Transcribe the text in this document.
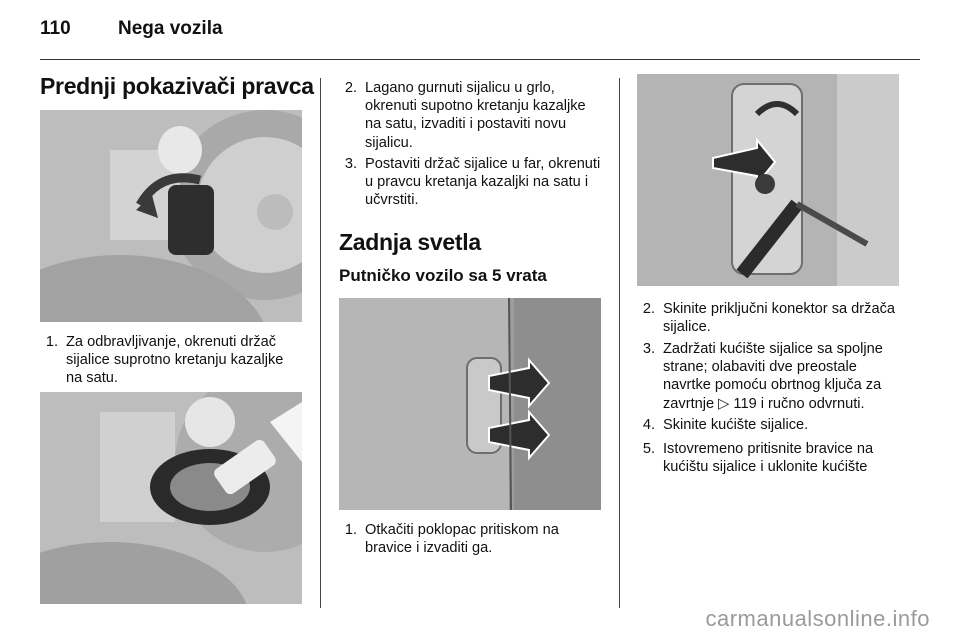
110 Nega vozila
Prednji pokazivači pravca
1. Za odbravljivanje, okrenuti držač sijalice suprotno kretanju kazaljke na satu.
2. Lagano gurnuti sijalicu u grlo, okrenuti supotno kretanju kazaljke na satu, izvaditi i postaviti novu sijalicu.
3. Postaviti držač sijalice u far, okrenuti u pravcu kretanja kazaljki na satu i učvrstiti.
Zadnja svetla
Putničko vozilo sa 5 vrata
1. Otkačiti poklopac pritiskom na bravice i izvaditi ga.
2. Skinite priključni konektor sa držača sijalice.
3. Zadržati kućište sijalice sa spoljne strane; olabaviti dve preostale navrtke pomoću obrtnog ključa za zavrtnje ▷ 119 i ručno odvrnuti.
4. Skinite kućište sijalice.
5. Istovremeno pritisnite bravice na kućištu sijalice i uklonite kućište
carmanualsonline.info
